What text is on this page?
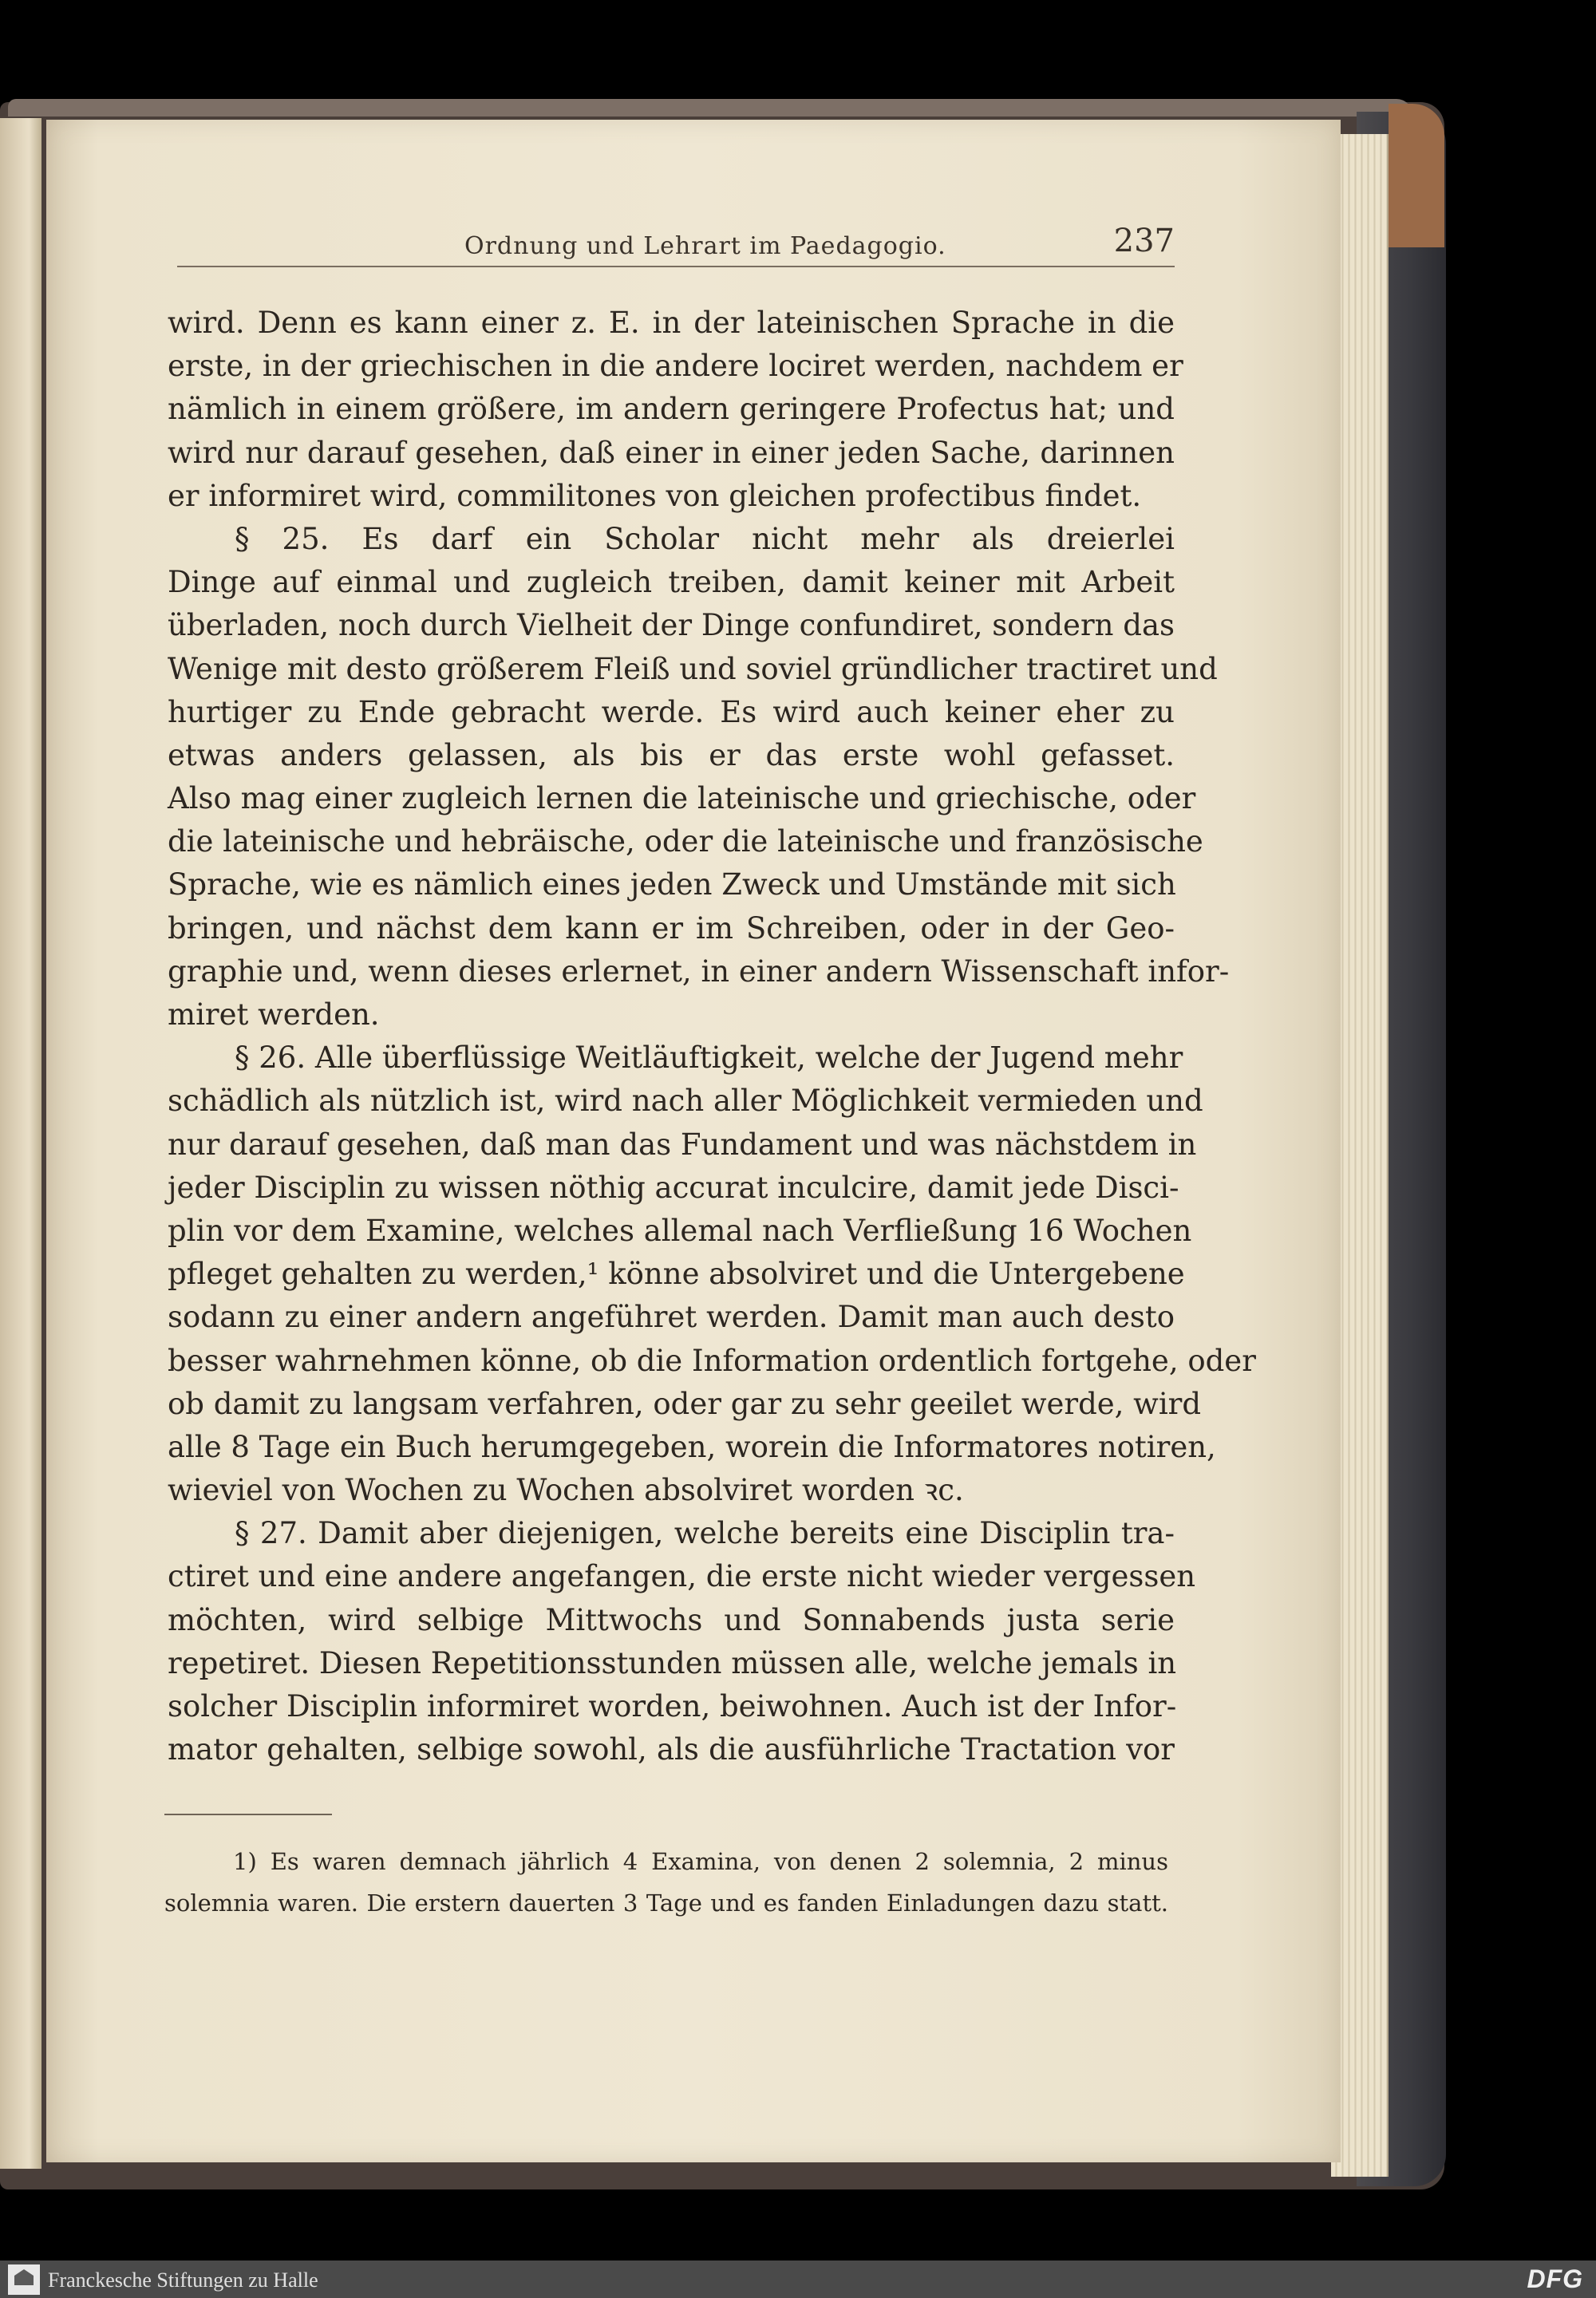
Ordnung und Lehrart im Paedagogio.	237
wird. Denn es kann einer z. E. in der lateinischen Sprache in die
erste, in der griechischen in die andere lociret werden, nachdem er
nämlich in einem größere, im andern geringere Profectus hat; und
wird nur darauf gesehen, daß einer in einer jeden Sache, darinnen
er informiret wird, commilitones von gleichen profectibus findet.
§ 25. Es darf ein Scholar nicht mehr als dreierlei
Dinge auf einmal und zugleich treiben, damit keiner mit Arbeit
überladen, noch durch Vielheit der Dinge confundiret, sondern das
Wenige mit desto größerem Fleiß und soviel gründlicher tractiret und
hurtiger zu Ende gebracht werde. Es wird auch keiner eher zu
etwas anders gelassen, als bis er das erste wohl gefasset.
Also mag einer zugleich lernen die lateinische und griechische, oder
die lateinische und hebräische, oder die lateinische und französische
Sprache, wie es nämlich eines jeden Zweck und Umstände mit sich
bringen, und nächst dem kann er im Schreiben, oder in der Geo-
graphie und, wenn dieses erlernet, in einer andern Wissenschaft infor-
miret werden.
§ 26. Alle überflüssige Weitläuftigkeit, welche der Jugend mehr
schädlich als nützlich ist, wird nach aller Möglichkeit vermieden und
nur darauf gesehen, daß man das Fundament und was nächstdem in
jeder Disciplin zu wissen nöthig accurat inculcire, damit jede Disci-
plin vor dem Examine, welches allemal nach Verfließung 16 Wochen
pfleget gehalten zu werden,¹ könne absolviret und die Untergebene
sodann zu einer andern angeführet werden. Damit man auch desto
besser wahrnehmen könne, ob die Information ordentlich fortgehe, oder
ob damit zu langsam verfahren, oder gar zu sehr geeilet werde, wird
alle 8 Tage ein Buch herumgegeben, worein die Informatores notiren,
wieviel von Wochen zu Wochen absolviret worden ꝛc.
§ 27. Damit aber diejenigen, welche bereits eine Disciplin tra-
ctiret und eine andere angefangen, die erste nicht wieder vergessen
möchten, wird selbige Mittwochs und Sonnabends justa serie
repetiret. Diesen Repetitionsstunden müssen alle, welche jemals in
solcher Disciplin informiret worden, beiwohnen. Auch ist der Infor-
mator gehalten, selbige sowohl, als die ausführliche Tractation vor
1) Es waren demnach jährlich 4 Examina, von denen 2 solemnia, 2 minus
solemnia waren. Die erstern dauerten 3 Tage und es fanden Einladungen dazu statt.
Franckesche Stiftungen zu Halle	DFG
